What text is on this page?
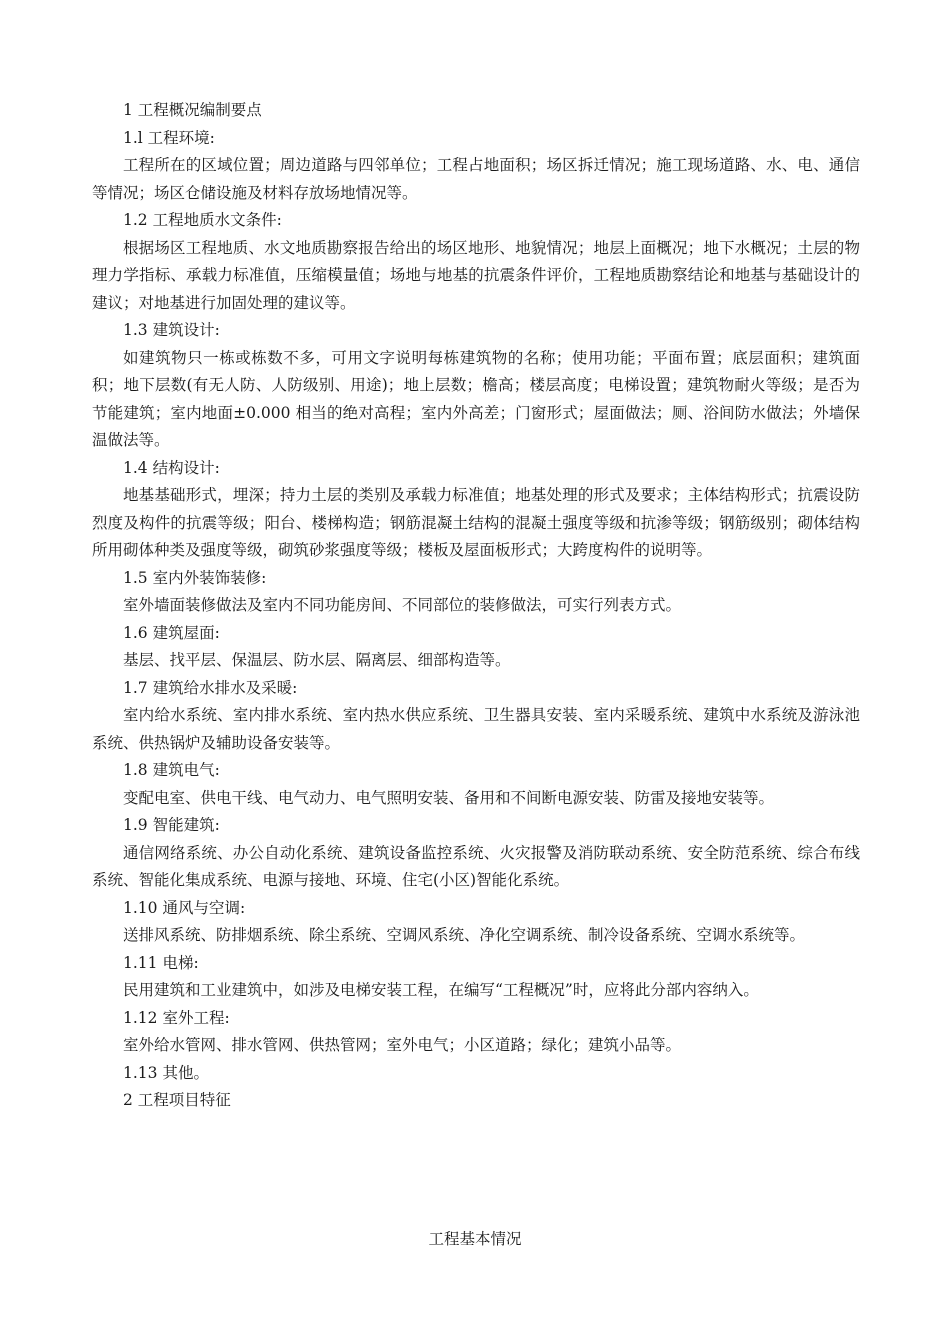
1 工程概况编制要点

1.l 工程环境:

工程所在的区域位置；周边道路与四邻单位；工程占地面积；场区拆迁情况；施工现场道路、水、电、通信等情况；场区仓储设施及材料存放场地情况等。

1.2 工程地质水文条件:

根据场区工程地质、水文地质勘察报告给出的场区地形、地貌情况；地层上面概况；地下水概况；土层的物理力学指标、承载力标准值，压缩模量值；场地与地基的抗震条件评价，工程地质勘察结论和地基与基础设计的建议；对地基进行加固处理的建议等。

1.3 建筑设计:

如建筑物只一栋或栋数不多，可用文字说明每栋建筑物的名称；使用功能；平面布置；底层面积；建筑面积；地下层数(有无人防、人防级别、用途)；地上层数；檐高；楼层高度；电梯设置；建筑物耐火等级；是否为节能建筑；室内地面±0.000 相当的绝对高程；室内外高差；门窗形式；屋面做法；厕、浴间防水做法；外墙保温做法等。

1.4 结构设计:

地基基础形式，埋深；持力土层的类别及承载力标准值；地基处理的形式及要求；主体结构形式；抗震设防烈度及构件的抗震等级；阳台、楼梯构造；钢筋混凝土结构的混凝土强度等级和抗渗等级；钢筋级别；砌体结构所用砌体种类及强度等级，砌筑砂浆强度等级；楼板及屋面板形式；大跨度构件的说明等。

1.5 室内外装饰装修:

室外墙面装修做法及室内不同功能房间、不同部位的装修做法，可实行列表方式。

1.6 建筑屋面:

基层、找平层、保温层、防水层、隔离层、细部构造等。

1.7 建筑给水排水及采暖:

室内给水系统、室内排水系统、室内热水供应系统、卫生器具安装、室内采暖系统、建筑中水系统及游泳池系统、供热锅炉及辅助设备安装等。

1.8 建筑电气:

变配电室、供电干线、电气动力、电气照明安装、备用和不间断电源安装、防雷及接地安装等。

1.9 智能建筑:

通信网络系统、办公自动化系统、建筑设备监控系统、火灾报警及消防联动系统、安全防范系统、综合布线系统、智能化集成系统、电源与接地、环境、住宅(小区)智能化系统。

1.10 通风与空调:

送排风系统、防排烟系统、除尘系统、空调风系统、净化空调系统、制冷设备系统、空调水系统等。

1.11 电梯:

民用建筑和工业建筑中，如涉及电梯安装工程，在编写“工程概况”时，应将此分部内容纳入。

1.12 室外工程:

室外给水管网、排水管网、供热管网；室外电气；小区道路；绿化；建筑小品等。

1.13 其他。

2 工程项目特征

工程基本情况
